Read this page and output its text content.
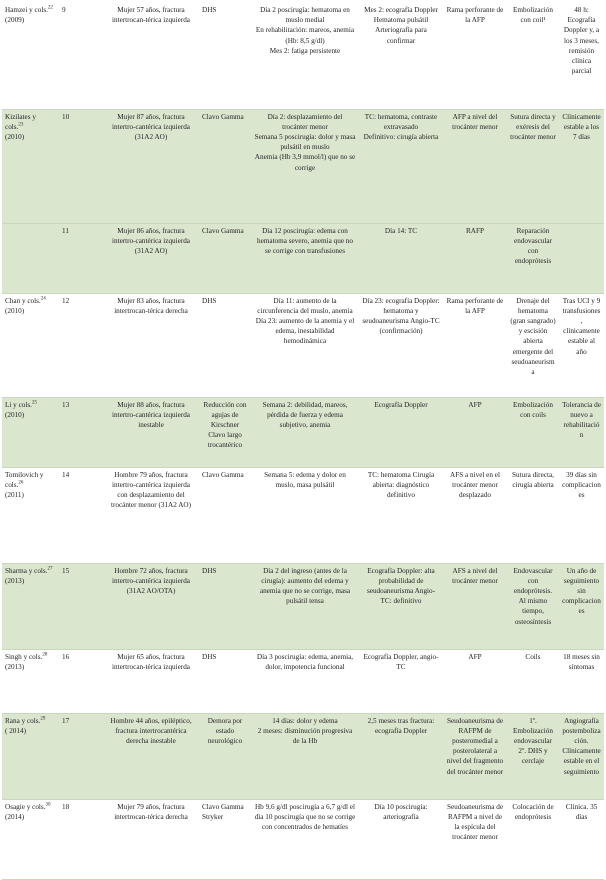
Hamzei y cols.$^{22}$
(2009)	9	Mujer 57 años, fractura intertrocan-térica izquierda	DHS	Día 2 poscirugía: hematoma en muslo medial
En rehabilitación: mareos, anemia (Hb: 8,5 g/dl)
Mes 2: fatiga persistente	Mes 2: ecografía Doppler
Hematoma pulsátil
Arteriografía para confirmar	Rama perforante de la AFP	Embolización con coil¹	48 h: Ecografía Doppler y, a los 3 meses, remisión clínica parcial
Kizilates y cols.$^{23}$
(2010)	10	Mujer 87 años, fractura intertro-cantérica izquierda (31A2 AO)	Clavo Gamma	Día 2: desplazamiento del trocánter menor
Semana 5 poscirugía: dolor y masa pulsátil en muslo
Anemia (Hb 3,9 mmol/l) que no se corrige	TC: hematoma, contraste extravasado
Definitivo: cirugía abierta	AFP a nivel del trocánter menor	Sutura directa y exéresis del trocánter menor	Clínicamente estable a los 7 días

	11	Mujer 86 años, fractura intertro-cantérica izquierda (31A2 AO)	Clavo Gamma	Día 12 poscirugía: edema con hematoma severo, anemia que no se corrige con transfusiones	Día 14: TC	RAFP	Reparación endovascular con endoprótesis	
Chan y cols.$^{24}$
(2010)	12	Mujer 83 años, fractura intertrocan-térica derecha	DHS	Día 11: aumento de la circunferencia del muslo, anemia
Día 23: aumento de la anemia y el edema, inestabilidad hemodinámica	Día 23: ecografía Doppler: hematoma y seudoaneurisma Angio-TC (confirmación)	Rama perforante de la AFP	Drenaje del hematoma (gran sangrado) y escisión abierta emergente del seudoaneurisma	Tras UCI y 9 transfusiones, clínicamente estable al año
Li y cols.$^{25}$
(2010)	13	Mujer 88 años, fractura intertro-cantérica izquierda inestable	Reducción con agujas de Kirschner Clavo largo trocantérico	Semana 2: debilidad, mareos, pérdida de fuerza y edema subjetivo, anemia	Ecografía Doppler	AFP	Embolización con coils	Tolerancia de nuevo a rehabilitación
Tomilovich y cols.$^{26}$
(2011)	14	Hombre 79 años, fractura intertro-cantérica izquierda con desplazamiento del trocánter menor (31A2 AO)	Clavo Gamma	Semana 5: edema y dolor en muslo, masa pulsátil	TC: hematoma Cirugía abierta: diagnóstico definitivo	AFS a nivel en el trocánter menor desplazado	Sutura directa, cirugía abierta	39 días sin complicaciones
Sharma y cols.$^{27}$
(2013)	15	Hombre 72 años, fractura intertro-cantérica izquierda (31A2 AO/OTA)	DHS	Día 2 del ingreso (antes de la cirugía): aumento del edema y anemia que no se corrige, masa pulsátil tensa	Ecografía Doppler: alta probabilidad de seudoaneurisma Angio-TC: definitivo	AFS a nivel del trocánter menor	Endovascular con endoprótesis. Al mismo tiempo, osteosíntesis	Un año de seguimiento sin complicaciones
Singh y cols.$^{28}$
(2013)	16	Mujer 65 años, fractura intertrocan-térica izquierda	DHS	Día 3 poscirugía: edema, anemia, dolor, impotencia funcional	Ecografía Doppler, angio-TC	AFP	Coils	18 meses sin síntomas
Rana y cols.$^{29}$
( 2014)	17	Hombre 44 años, epiléptico, fractura intertrocantérica derecha inestable	Demora por estado neurológico	14 días: dolor y edema
2 meses: disminución progresiva de la Hb	2,5 meses tras fractura: ecografía Doppler	Seudoaneurisma de RAFPM de posteromedial a posterolateral a nivel del fragmento del trocánter menor	1º. Embolización endovascular
2º. DHS y cerclaje	Angiografía postembolización. Clínicamente estable en el seguimiento
Osagie y cols.$^{30}$
(2014)	18	Mujer 79 años, fractura intertrocan-térica derecha	Clavo Gamma Stryker	Hb 9,6 g/dl poscirugía a 6,7 g/dl el día 10 poscirugía que no se corrige con concentrados de hematíes	Día 10 poscirugía: arteriografía	Seudoaneurisma de RAFPM a nivel de la espícula del trocánter menor	Colocación de endoprótesis	Clínica. 35 días
